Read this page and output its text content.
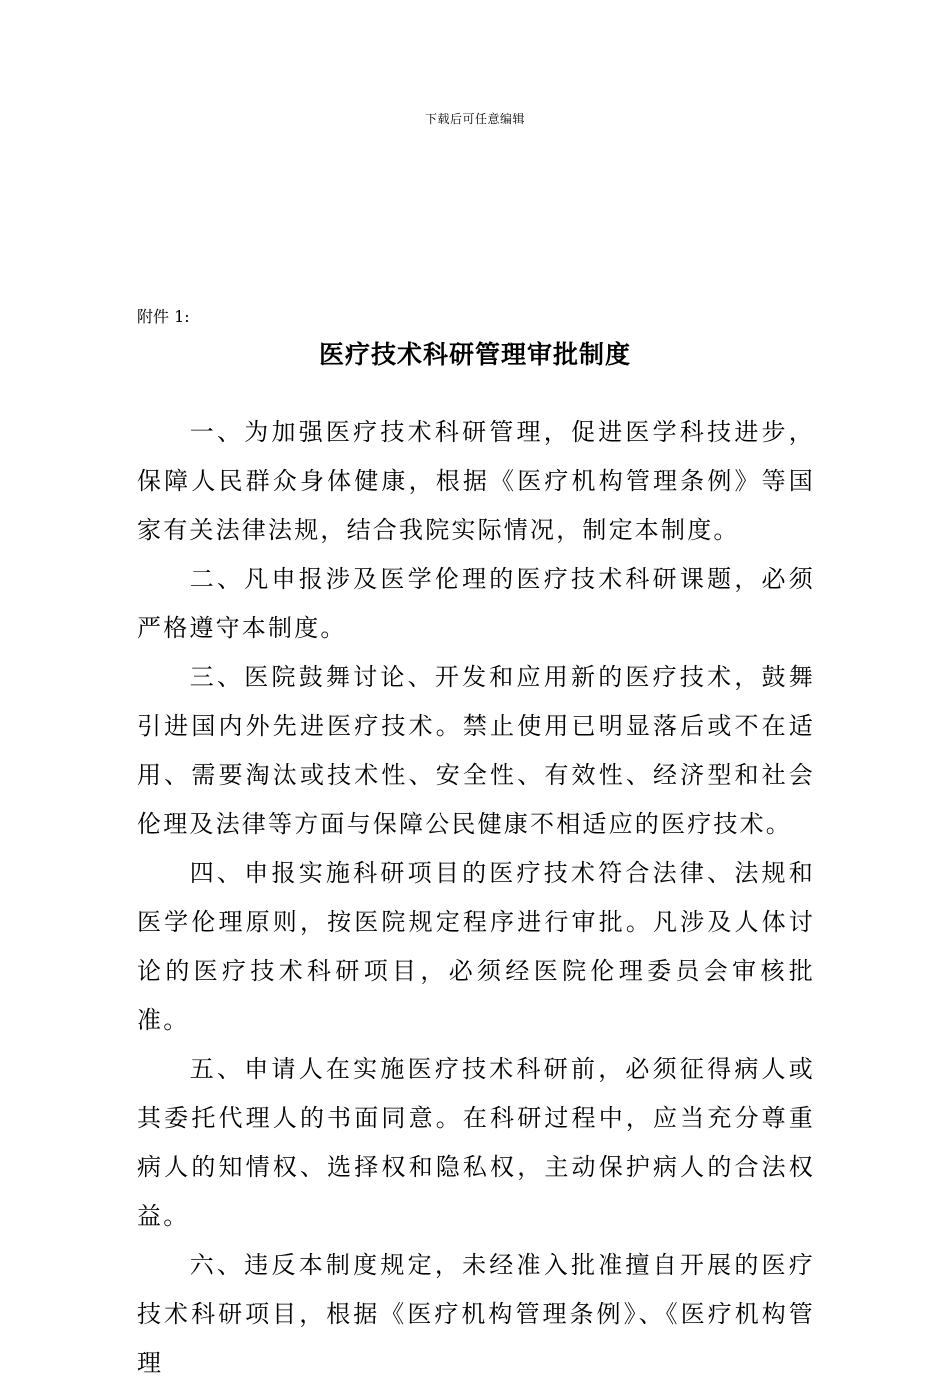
下载后可任意编辑
附件 1:
医疗技术科研管理审批制度

一、为加强医疗技术科研管理，促进医学科技进步，保障人民群众身体健康，根据《医疗机构管理条例》等国家有关法律法规，结合我院实际情况，制定本制度。

二、凡申报涉及医学伦理的医疗技术科研课题，必须严格遵守本制度。

三、医院鼓舞讨论、开发和应用新的医疗技术，鼓舞引进国内外先进医疗技术。禁止使用已明显落后或不在适用、需要淘汰或技术性、安全性、有效性、经济型和社会伦理及法律等方面与保障公民健康不相适应的医疗技术。

四、申报实施科研项目的医疗技术符合法律、法规和医学伦理原则，按医院规定程序进行审批。凡涉及人体讨论的医疗技术科研项目，必须经医院伦理委员会审核批准。

五、申请人在实施医疗技术科研前，必须征得病人或其委托代理人的书面同意。在科研过程中，应当充分尊重病人的知情权、选择权和隐私权，主动保护病人的合法权益。

六、违反本制度规定，未经准入批准擅自开展的医疗技术科研项目，根据《医疗机构管理条例》、《医疗机构管理
